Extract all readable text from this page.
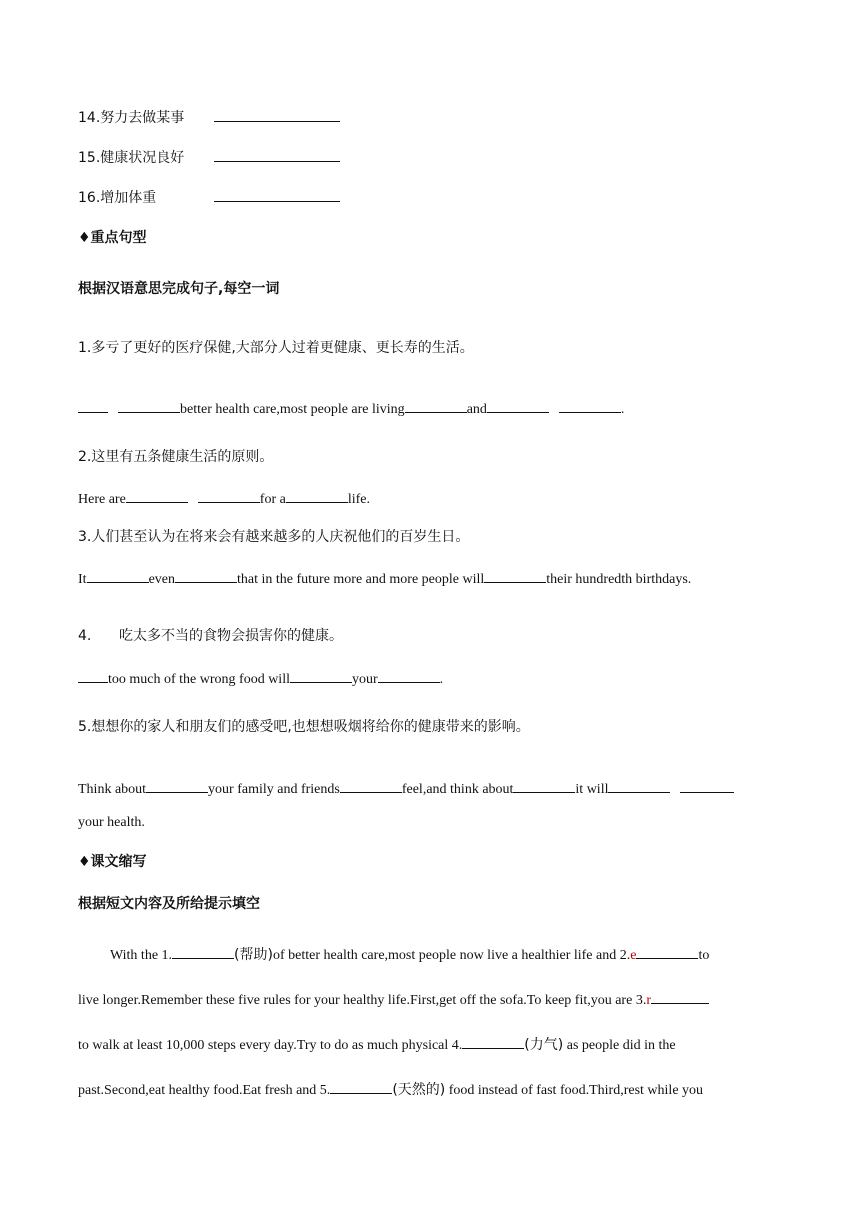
14.努力去做某事
15.健康状况良好
16.增加体重
♦重点句型
根据汉语意思完成句子,每空一词
1.多亏了更好的医疗保健,大部分人过着更健康、更长寿的生活。
better health care,most people are living	and	.
2.这里有五条健康生活的原则。
Here are	for a	life.
3.人们甚至认为在将来会有越来越多的人庆祝他们的百岁生日。
It	even	that in the future more and more people will	their hundredth birthdays.
4. 吃太多不当的食物会损害你的健康。
too much of the wrong food will	your	.
5.想想你的家人和朋友们的感受吧,也想想吸烟将给你的健康带来的影响。
Think about	your family and friends	feel,and think about	it will
your health.
♦课文缩写
根据短文内容及所给提示填空
With the 1.	(帮助)of better health care,most people now live a healthier life and 2.e	to
live longer.Remember these five rules for your healthy life.First,get off the sofa.To keep fit,you are 3.r
to walk at least 10,000 steps every day.Try to do as much physical 4.	(力气) as people did in the
past.Second,eat healthy food.Eat fresh and 5.	(天然的) food instead of fast food.Third,rest while you
